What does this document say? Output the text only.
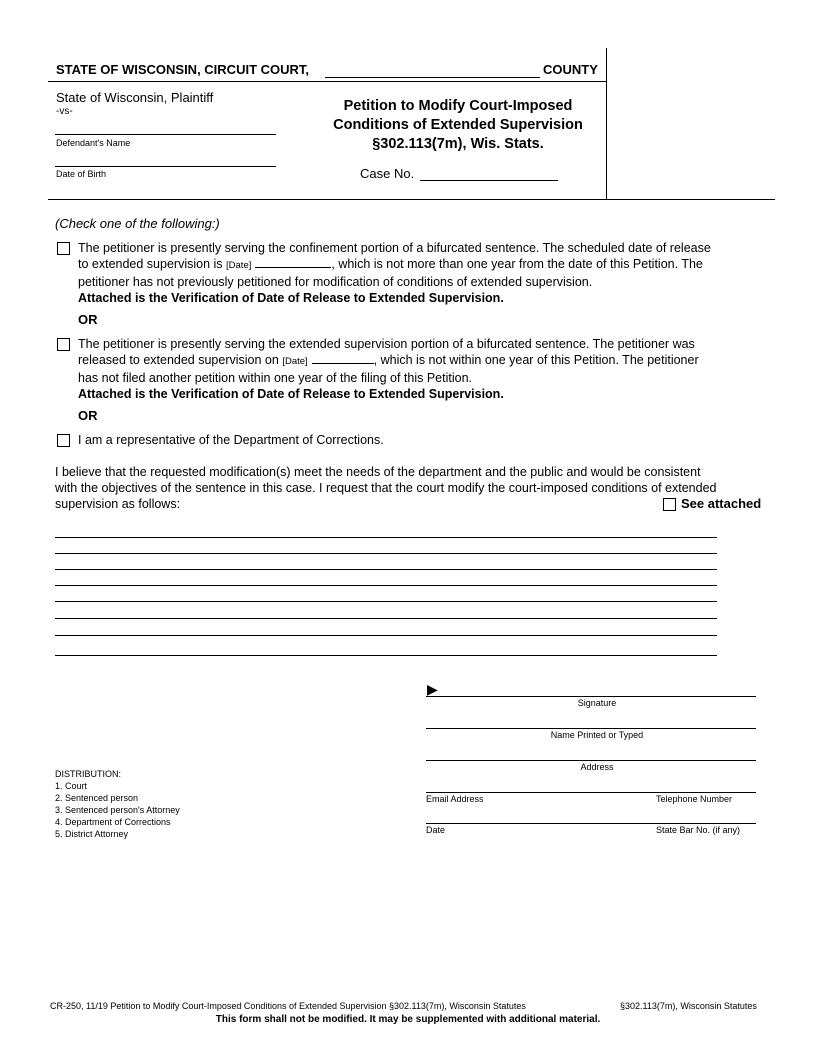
STATE OF WISCONSIN, CIRCUIT COURT,	COUNTY
State of Wisconsin, Plaintiff
-vs-
Defendant's Name
Date of Birth
Petition to Modify Court-Imposed
Conditions of Extended Supervision
§302.113(7m), Wis. Stats.
Case No.
(Check one of the following:)
The petitioner is presently serving the confinement portion of a bifurcated sentence. The scheduled date of release
to extended supervision is [Date]	, which is not more than one year from the date of this Petition. The
petitioner has not previously petitioned for modification of conditions of extended supervision.
Attached is the Verification of Date of Release to Extended Supervision.
OR
The petitioner is presently serving the extended supervision portion of a bifurcated sentence. The petitioner was
released to extended supervision on [Date]	, which is not within one year of this Petition. The petitioner
has not filed another petition within one year of the filing of this Petition.
Attached is the Verification of Date of Release to Extended Supervision.
OR
I am a representative of the Department of Corrections.
I believe that the requested modification(s) meet the needs of the department and the public and would be consistent
with the objectives of the sentence in this case. I request that the court modify the court-imposed conditions of extended
supervision as follows:	See attached
▶
Signature
Name Printed or Typed
Address
Email Address	Telephone Number
Date	State Bar No. (if any)
DISTRIBUTION:
1. Court
2. Sentenced person
3. Sentenced person's Attorney
4. Department of Corrections
5. District Attorney
CR-250, 11/19 Petition to Modify Court-Imposed Conditions of Extended Supervision §302.113(7m), Wisconsin Statutes	§302.113(7m), Wisconsin Statutes
This form shall not be modified. It may be supplemented with additional material.
